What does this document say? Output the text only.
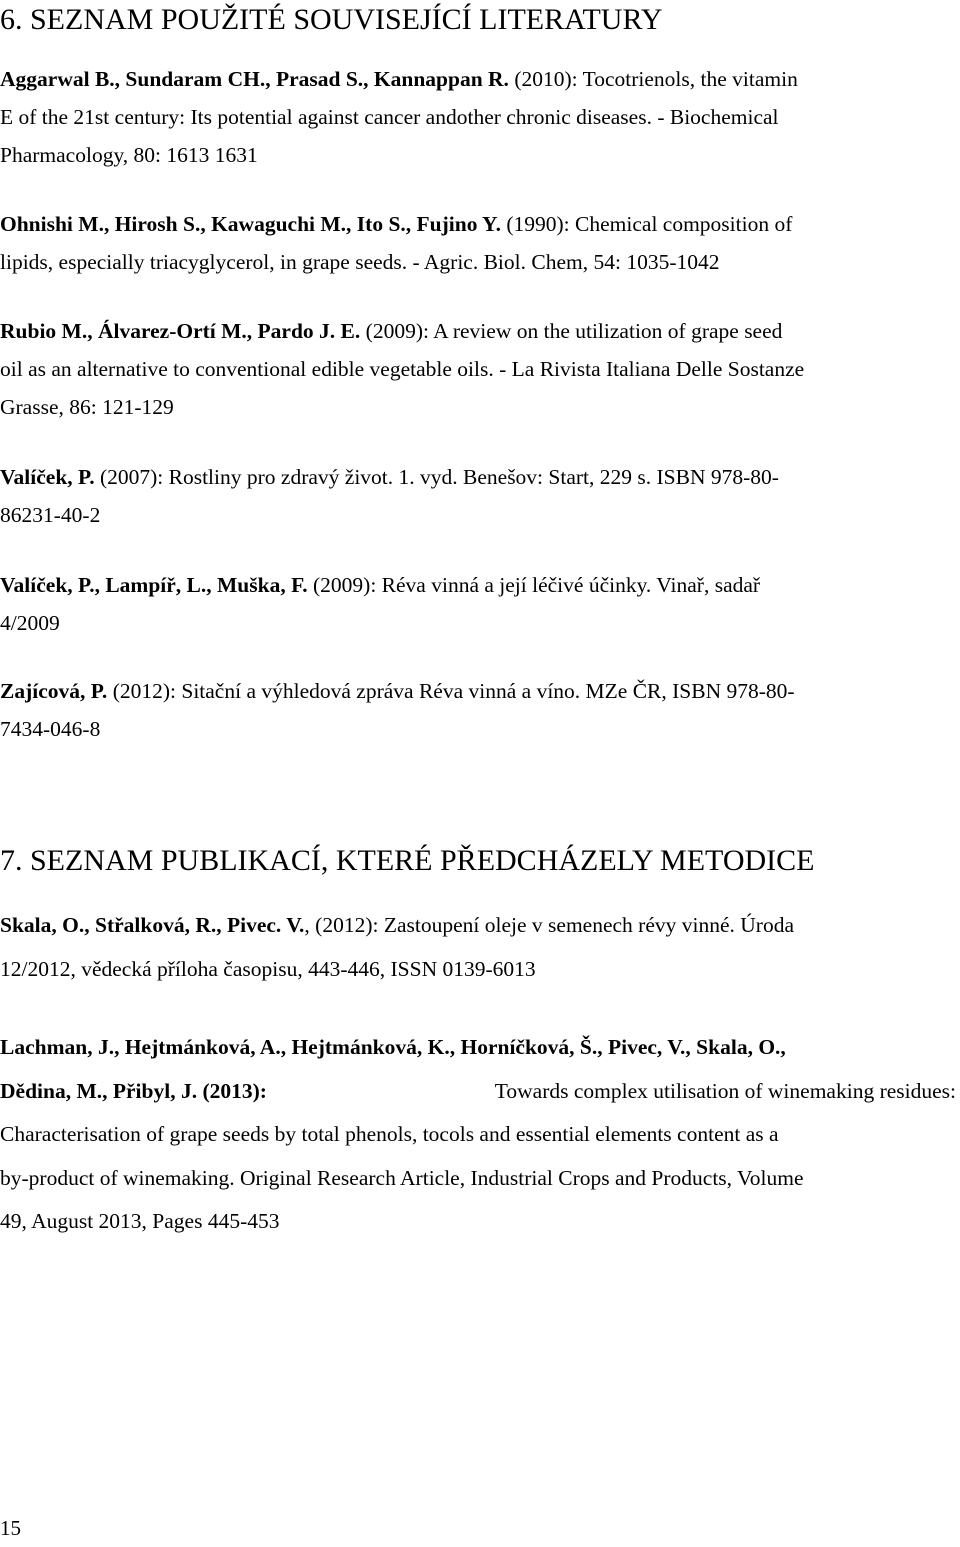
6. SEZNAM POUŽITÉ SOUVISEJÍCÍ LITERATURY

Aggarwal B., Sundaram CH., Prasad S., Kannappan R. (2010): Tocotrienols, the vitamin
E of the 21st century: Its potential against cancer andother chronic diseases. - Biochemical
Pharmacology, 80: 1613 1631

Ohnishi M., Hirosh S., Kawaguchi M., Ito S., Fujino Y. (1990): Chemical composition of
lipids, especially triacyglycerol, in grape seeds. - Agric. Biol. Chem, 54: 1035-1042

Rubio M., Álvarez-Ortí M., Pardo J. E. (2009): A review on the utilization of grape seed
oil as an alternative to conventional edible vegetable oils. - La Rivista Italiana Delle Sostanze
Grasse, 86: 121-129

Valíček, P. (2007): Rostliny pro zdravý život. 1. vyd. Benešov: Start, 229 s. ISBN 978-80-
86231-40-2

Valíček, P., Lampíř, L., Muška, F. (2009): Réva vinná a její léčivé účinky. Vinař, sadař
4/2009

Zajícová, P. (2012): Sitační a výhledová zpráva Réva vinná a víno. MZe ČR, ISBN 978-80-
7434-046-8

7. SEZNAM PUBLIKACÍ, KTERÉ PŘEDCHÁZELY METODICE

Skala, O., Střalková, R., Pivec. V., (2012): Zastoupení oleje v semenech révy vinné. Úroda
12/2012, vědecká příloha časopisu, 443-446, ISSN 0139-6013

Lachman, J., Hejtmánková, A., Hejtmánková, K., Horníčková, Š., Pivec, V., Skala, O.,
Dědina, M., Přibyl, J. (2013):	Towards complex utilisation of winemaking residues:
Characterisation of grape seeds by total phenols, tocols and essential elements content as a
by-product of winemaking. Original Research Article, Industrial Crops and Products, Volume
49, August 2013, Pages 445-453

15
